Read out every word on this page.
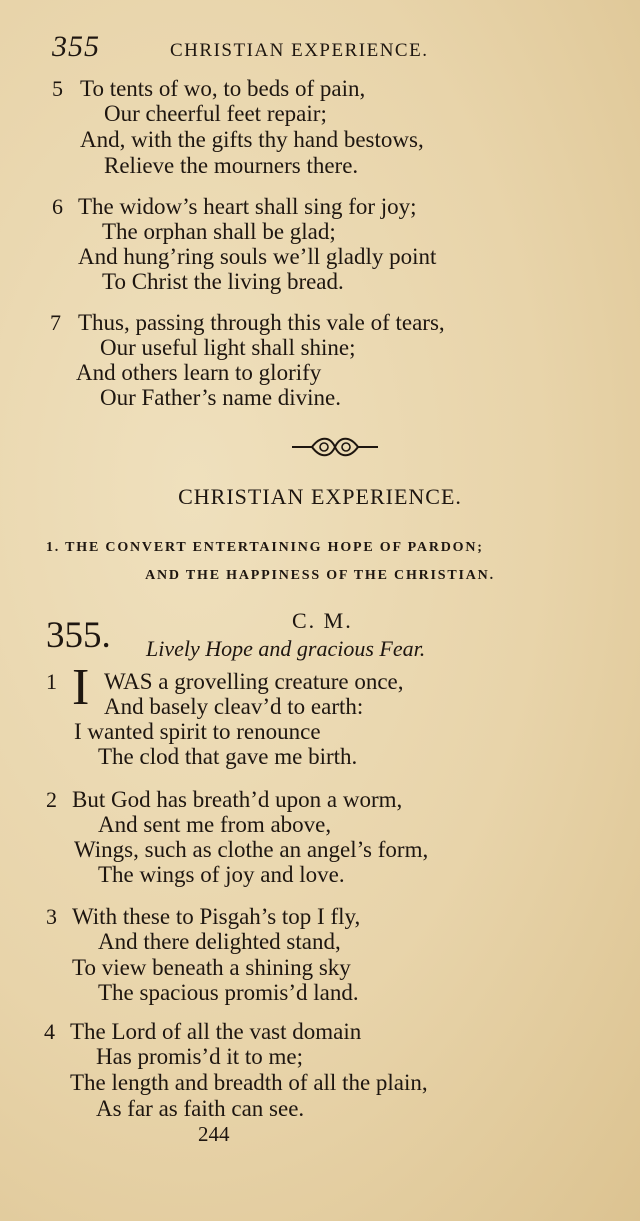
355	CHRISTIAN EXPERIENCE.
5 To tents of wo, to beds of pain,
Our cheerful feet repair;
And, with the gifts thy hand bestows,
Relieve the mourners there.
6 The widow’s heart shall sing for joy;
The orphan shall be glad;
And hung’ring souls we’ll gladly point
To Christ the living bread.
7 Thus, passing through this vale of tears,
Our useful light shall shine;
And others learn to glorify
Our Father’s name divine.
CHRISTIAN EXPERIENCE.
1. THE CONVERT ENTERTAINING HOPE OF PARDON;
AND THE HAPPINESS OF THE CHRISTIAN.
355.	C. M.
Lively Hope and gracious Fear.
1 I WAS a grovelling creature once,
And basely cleav’d to earth:
I wanted spirit to renounce
The clod that gave me birth.
2 But God has breath’d upon a worm,
And sent me from above,
Wings, such as clothe an angel’s form,
The wings of joy and love.
3 With these to Pisgah’s top I fly,
And there delighted stand,
To view beneath a shining sky
The spacious promis’d land.
4 The Lord of all the vast domain
Has promis’d it to me;
The length and breadth of all the plain,
As far as faith can see.
244
